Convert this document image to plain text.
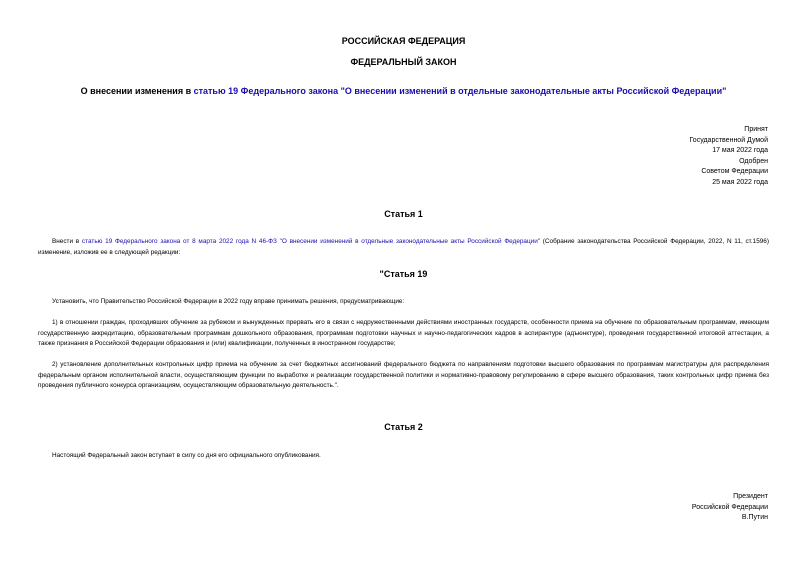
РОССИЙСКАЯ ФЕДЕРАЦИЯ
ФЕДЕРАЛЬНЫЙ ЗАКОН
О внесении изменения в статью 19 Федерального закона "О внесении изменений в отдельные законодательные акты Российской Федерации"
Принят
Государственной Думой
17 мая 2022 года
Одобрен
Советом Федерации
25 мая 2022 года
Статья 1

Внести в статью 19 Федерального закона от 8 марта 2022 года N 46-ФЗ "О внесении изменений в отдельные законодательные акты Российской Федерации" (Собрание законодательства Российской Федерации, 2022, N 11, ст.1596) изменение, изложив ее в следующей редакции:

"Статья 19

Установить, что Правительство Российской Федерации в 2022 году вправе принимать решения, предусматривающие:

1) в отношении граждан, проходивших обучение за рубежом и вынужденных прервать его в связи с недружественными действиями иностранных государств, особенности приема на обучение по образовательным программам, имеющим государственную аккредитацию, образовательным программам дошкольного образования, программам подготовки научных и научно-педагогических кадров в аспирантуре (адъюнктуре), проведения государственной итоговой аттестации, а также признания в Российской Федерации образования и (или) квалификации, полученных в иностранном государстве;

2) установление дополнительных контрольных цифр приема на обучение за счет бюджетных ассигнований федерального бюджета по направлениям подготовки высшего образования по программам магистратуры для распределения федеральным органом исполнительной власти, осуществляющим функции по выработке и реализации государственной политики и нормативно-правовому регулированию в сфере высшего образования, таких контрольных цифр приема без проведения публичного конкурса организациям, осуществляющим образовательную деятельность.".

Статья 2

Настоящий Федеральный закон вступает в силу со дня его официального опубликования.

Президент
Российской Федерации
В.Путин
